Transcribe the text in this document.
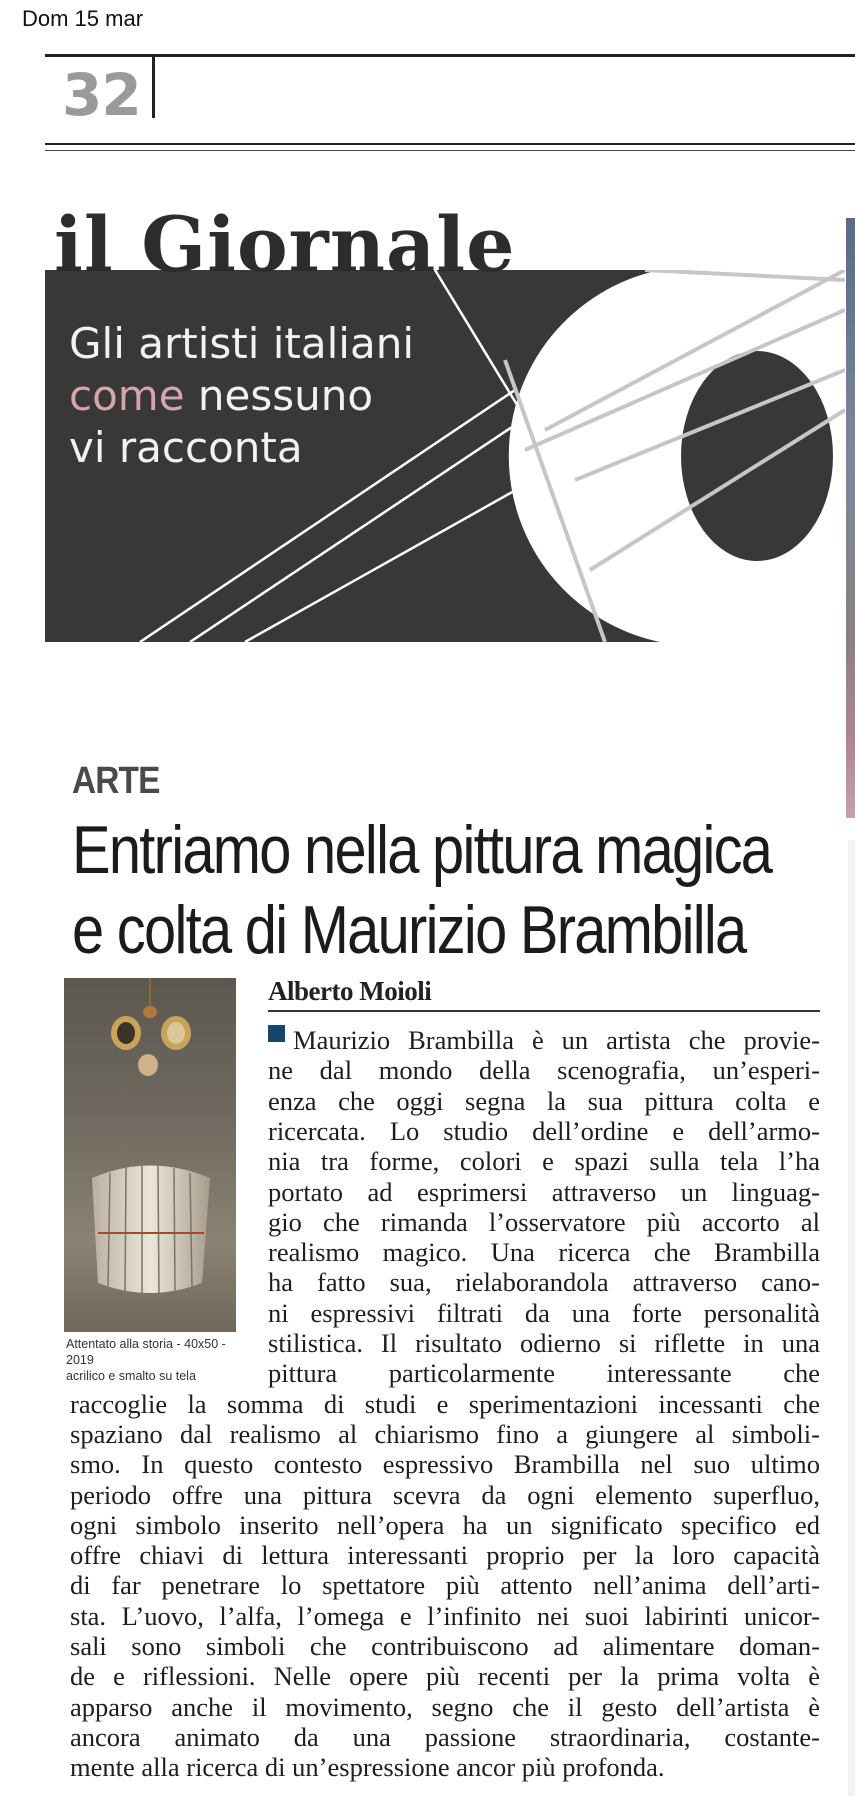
Dom 15 mar
32
Gli artisti italiani
come nessuno
vi racconta
il Giornale
ARTE
Entriamo nella pittura magica
e colta di Maurizio Brambilla
Attentato alla storia - 40x50 - 2019
acrilico e smalto su tela
Alberto Moioli
Maurizio Brambilla è un artista che provie-
ne dal mondo della scenografia, un’esperi-
enza che oggi segna la sua pittura colta e
ricercata. Lo studio dell’ordine e dell’armo-
nia tra forme, colori e spazi sulla tela l’ha
portato ad esprimersi attraverso un linguag-
gio che rimanda l’osservatore più accorto al
realismo magico. Una ricerca che Brambilla
ha fatto sua, rielaborandola attraverso cano-
ni espressivi filtrati da una forte personalità
stilistica. Il risultato odierno si riflette in una
pittura particolarmente interessante che
raccoglie la somma di studi e sperimentazioni incessanti che
spaziano dal realismo al chiarismo fino a giungere al simboli-
smo. In questo contesto espressivo Brambilla nel suo ultimo
periodo offre una pittura scevra da ogni elemento superfluo,
ogni simbolo inserito nell’opera ha un significato specifico ed
offre chiavi di lettura interessanti proprio per la loro capacità
di far penetrare lo spettatore più attento nell’anima dell’arti-
sta. L’uovo, l’alfa, l’omega e l’infinito nei suoi labirinti unicor-
sali sono simboli che contribuiscono ad alimentare doman-
de e riflessioni. Nelle opere più recenti per la prima volta è
apparso anche il movimento, segno che il gesto dell’artista è
ancora animato da una passione straordinaria, costante-
mente alla ricerca di un’espressione ancor più profonda.
